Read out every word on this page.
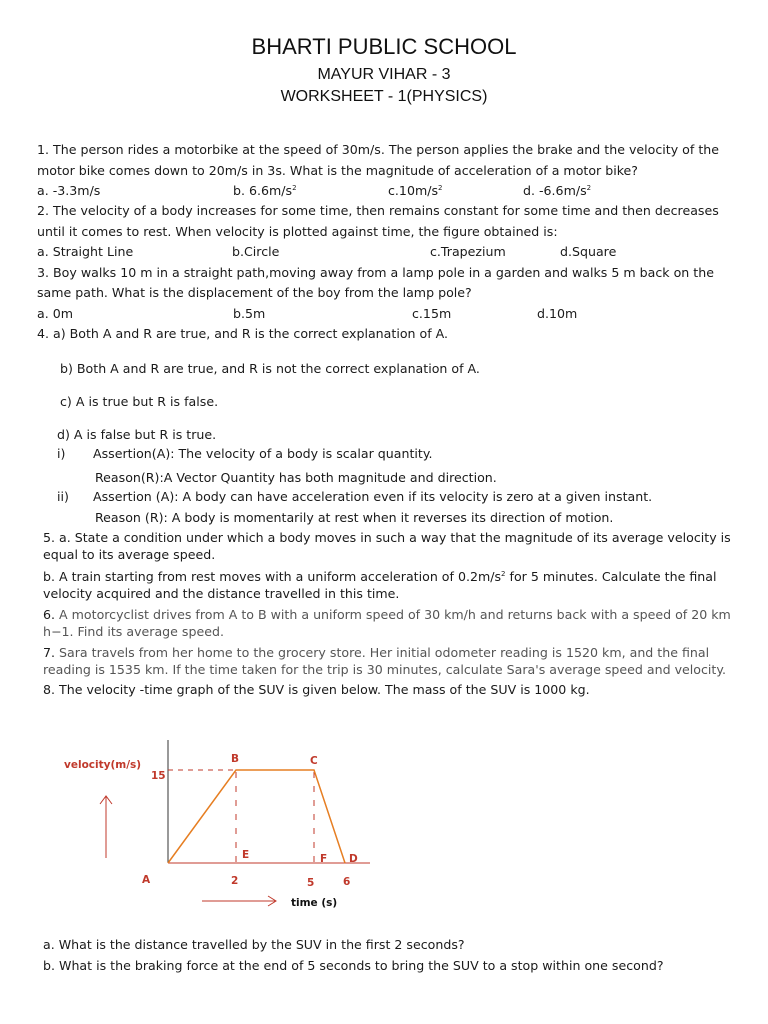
BHARTI PUBLIC SCHOOL
MAYUR VIHAR - 3
WORKSHEET - 1(PHYSICS)
1. The person rides a motorbike at the speed of 30m/s. The person applies the brake and the velocity of the
motor bike comes down to 20m/s in 3s. What is the magnitude of acceleration of a motor bike?
a. -3.3m/s	b. $6.6m/s^2$	$c.10m/s^2$	d. $-6.6m/s^2$
2. The velocity of a body increases for some time, then remains constant for some time and then decreases
until it comes to rest. When velocity is plotted against time, the figure obtained is:
a. Straight Line	b.Circle	c.Trapezium	d.Square
3. Boy walks 10 m in a straight path,moving away from a lamp pole in a garden and walks 5 m back on the
same path. What is the displacement of the boy from the lamp pole?
a. 0m	b.5m	c.15m	d.10m
4. a) Both A and R are true, and R is the correct explanation of A.
b) Both A and R are true, and R is not the correct explanation of A.
c) A is true but R is false.
d) A is false but R is true.
i) Assertion(A): The velocity of a body is scalar quantity.
Reason(R):A Vector Quantity has both magnitude and direction.
ii) Assertion (A): A body can have acceleration even if its velocity is zero at a given instant.
Reason (R): A body is momentarily at rest when it reverses its direction of motion.
5. a. State a condition under which a body moves in such a way that the magnitude of its average velocity is
equal to its average speed.
b. A train starting from rest moves with a uniform acceleration of $0.2m/s^2$ for 5 minutes. Calculate the final
velocity acquired and the distance travelled in this time.
6. A motorcyclist drives from A to B with a uniform speed of 30 km/h and returns back with a speed of 20 km
h−1. Find its average speed.
7. Sara travels from her home to the grocery store. Her initial odometer reading is 1520 km, and the final
reading is 1535 km. If the time taken for the trip is 30 minutes, calculate Sara's average speed and velocity.
8. The velocity -time graph of the SUV is given below. The mass of the SUV is 1000 kg.
velocity(m/s)
15
B	C
D
E	F
A	2	5	6
time (s)
a. What is the distance travelled by the SUV in the first 2 seconds?
b. What is the braking force at the end of 5 seconds to bring the SUV to a stop within one second?
